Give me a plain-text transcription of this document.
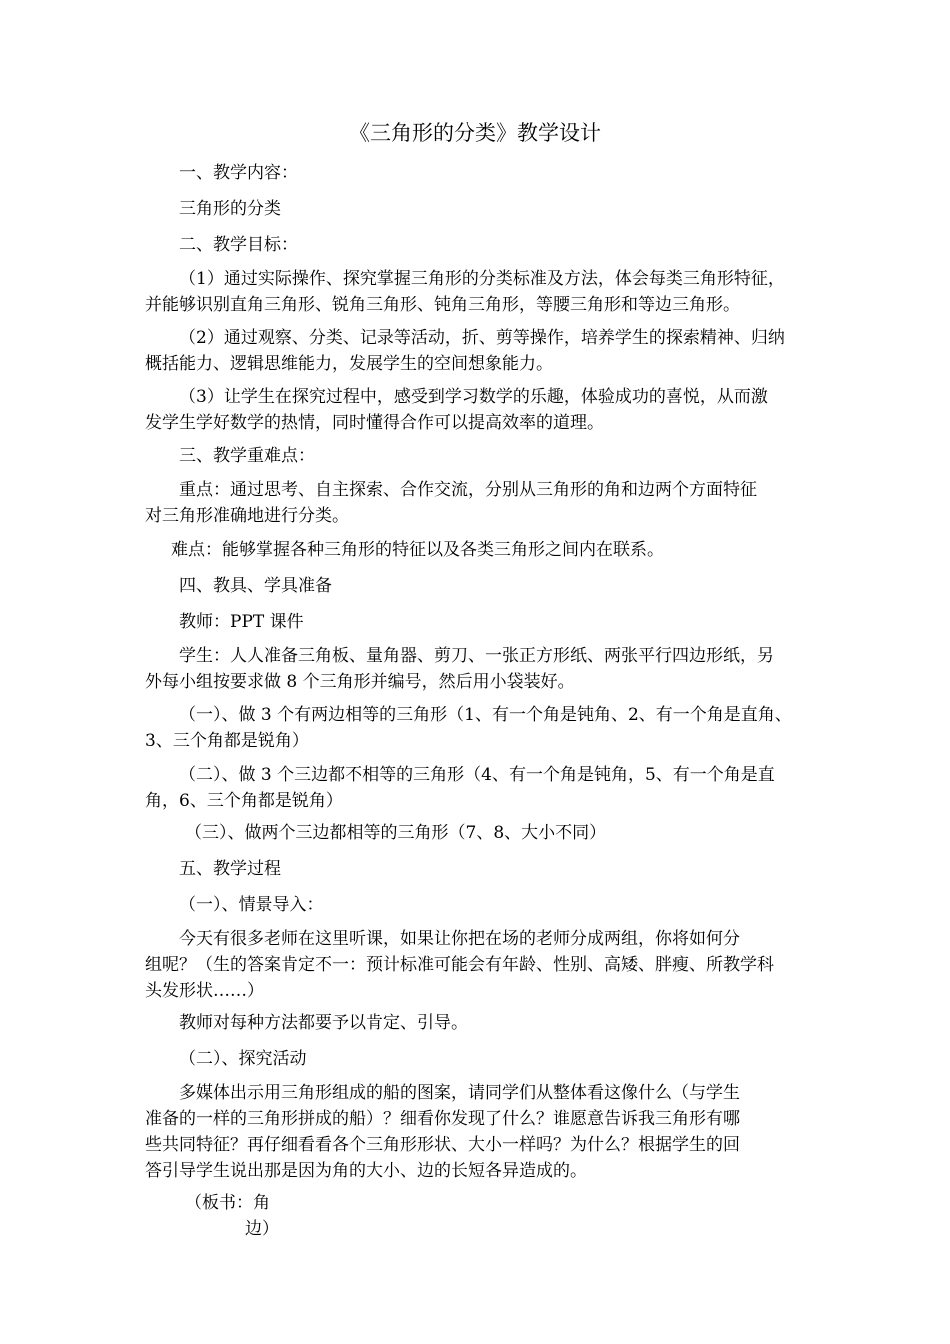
《三角形的分类》教学设计

一、教学内容：

三角形的分类

二、教学目标：

（1）通过实际操作、探究掌握三角形的分类标准及方法，体会每类三角形特征，
并能够识别直角三角形、锐角三角形、钝角三角形，等腰三角形和等边三角形。
（2）通过观察、分类、记录等活动，折、剪等操作，培养学生的探索精神、归纳
概括能力、逻辑思维能力，发展学生的空间想象能力。
（3）让学生在探究过程中，感受到学习数学的乐趣，体验成功的喜悦，从而激
发学生学好数学的热情，同时懂得合作可以提高效率的道理。

三、教学重难点：

重点：通过思考、自主探索、合作交流，分别从三角形的角和边两个方面特征
对三角形准确地进行分类。

难点：能够掌握各种三角形的特征以及各类三角形之间内在联系。

四、教具、学具准备

教师：PPT 课件

学生：人人准备三角板、量角器、剪刀、一张正方形纸、两张平行四边形纸，另
外每小组按要求做 8 个三角形并编号，然后用小袋装好。
（一）、做 3 个有两边相等的三角形（1、有一个角是钝角、2、有一个角是直角、
3、三个角都是锐角）
（二）、做 3 个三边都不相等的三角形（4、有一个角是钝角，5、有一个角是直
角，6、三个角都是锐角）

（三）、做两个三边都相等的三角形（7、8、大小不同）

五、教学过程

（一）、情景导入：

今天有很多老师在这里听课，如果让你把在场的老师分成两组，你将如何分
组呢？（生的答案肯定不一：预计标准可能会有年龄、性别、高矮、胖瘦、所教学科
头发形状……）

教师对每种方法都要予以肯定、引导。

（二）、探究活动

多媒体出示用三角形组成的船的图案，请同学们从整体看这像什么（与学生
准备的一样的三角形拼成的船）？细看你发现了什么？谁愿意告诉我三角形有哪
些共同特征？再仔细看看各个三角形形状、大小一样吗？为什么？根据学生的回
答引导学生说出那是因为角的大小、边的长短各异造成的。

（板书：角
边）
